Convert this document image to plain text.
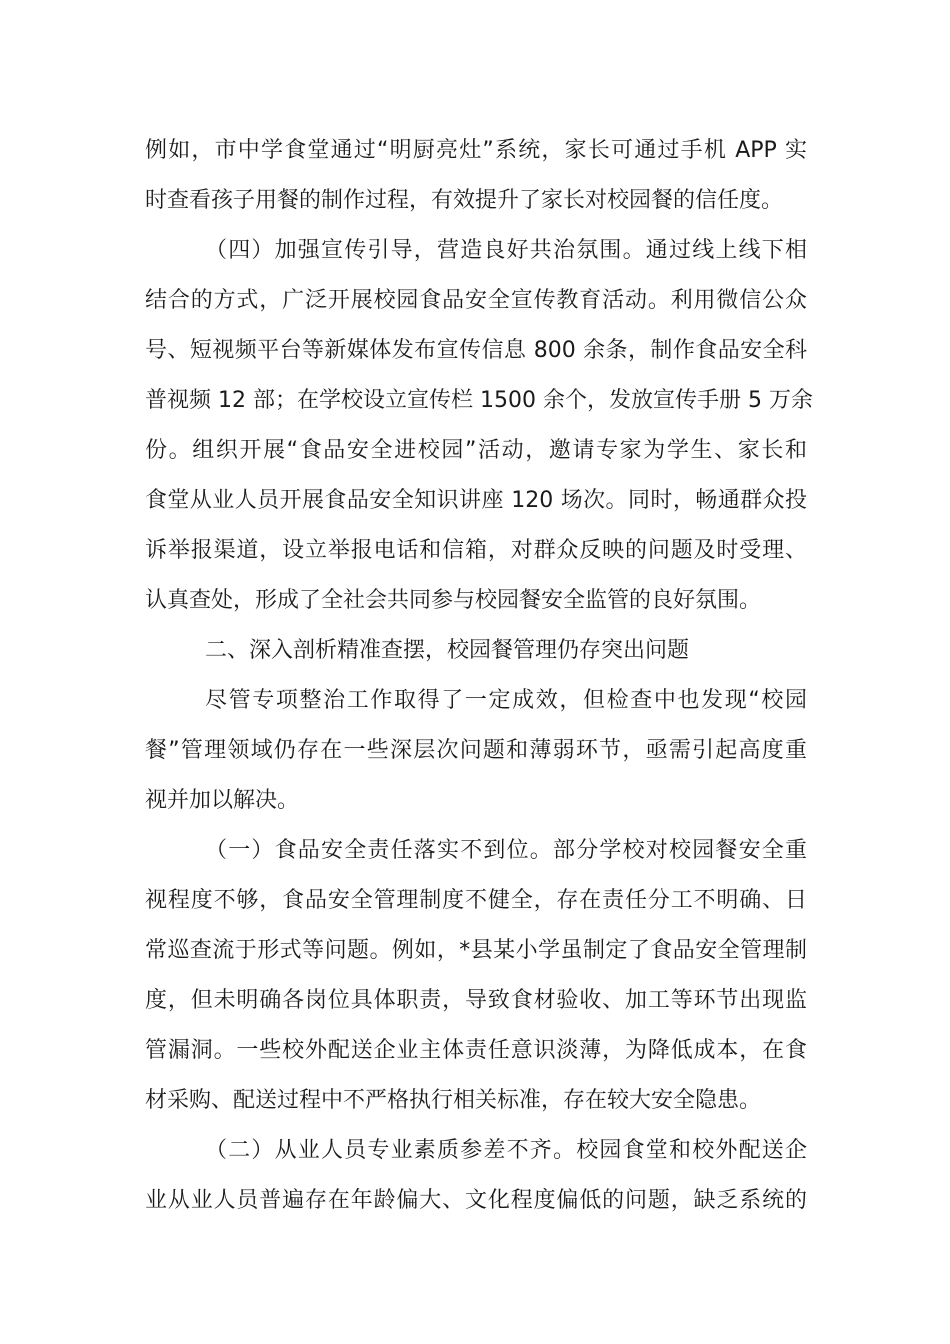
例如，市中学食堂通过“明厨亮灶”系统，家长可通过手机 APP 实
时查看孩子用餐的制作过程，有效提升了家长对校园餐的信任度。
（四）加强宣传引导，营造良好共治氛围。通过线上线下相
结合的方式，广泛开展校园食品安全宣传教育活动。利用微信公众
号、短视频平台等新媒体发布宣传信息 800 余条，制作食品安全科
普视频 12 部；在学校设立宣传栏 1500 余个，发放宣传手册 5 万余
份。组织开展“食品安全进校园”活动，邀请专家为学生、家长和
食堂从业人员开展食品安全知识讲座 120 场次。同时，畅通群众投
诉举报渠道，设立举报电话和信箱，对群众反映的问题及时受理、
认真查处，形成了全社会共同参与校园餐安全监管的良好氛围。
二、深入剖析精准查摆，校园餐管理仍存突出问题
尽管专项整治工作取得了一定成效，但检查中也发现“校园
餐”管理领域仍存在一些深层次问题和薄弱环节，亟需引起高度重
视并加以解决。
（一）食品安全责任落实不到位。部分学校对校园餐安全重
视程度不够，食品安全管理制度不健全，存在责任分工不明确、日
常巡查流于形式等问题。例如，*县某小学虽制定了食品安全管理制
度，但未明确各岗位具体职责，导致食材验收、加工等环节出现监
管漏洞。一些校外配送企业主体责任意识淡薄，为降低成本，在食
材采购、配送过程中不严格执行相关标准，存在较大安全隐患。
（二）从业人员专业素质参差不齐。校园食堂和校外配送企
业从业人员普遍存在年龄偏大、文化程度偏低的问题，缺乏系统的
